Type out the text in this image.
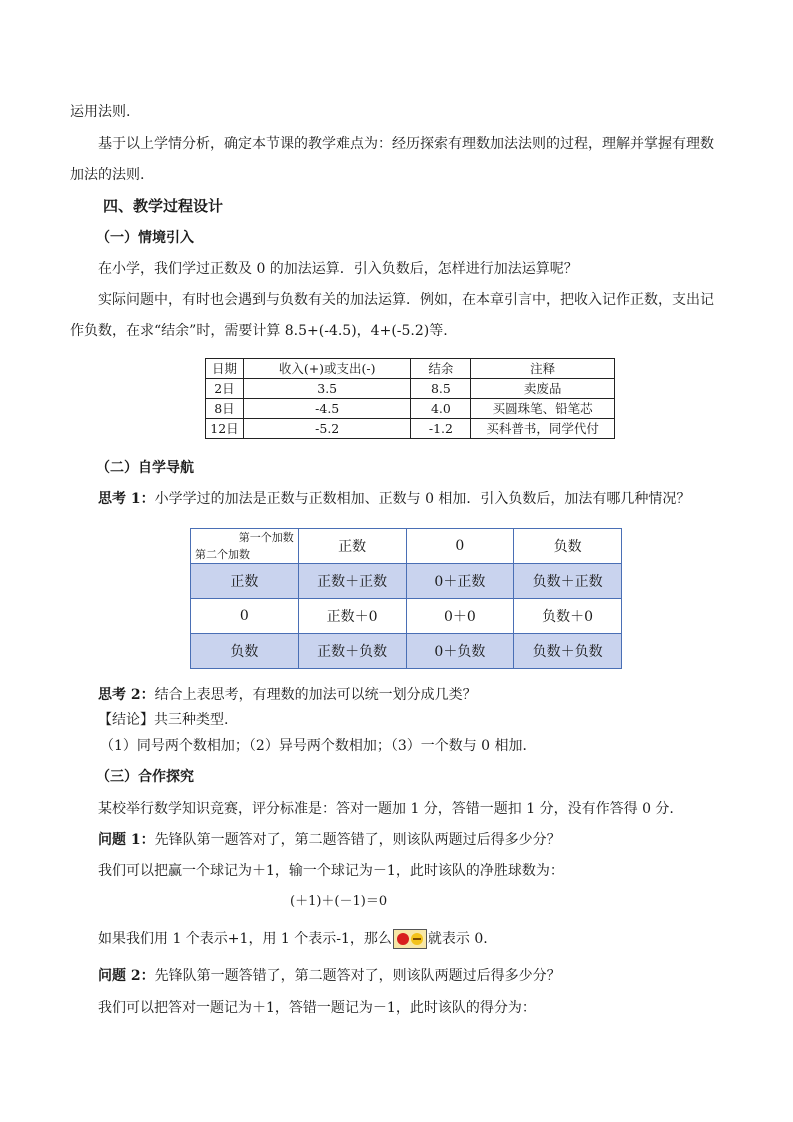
运用法则.
基于以上学情分析，确定本节课的教学难点为：经历探索有理数加法法则的过程，理解并掌握有理数
加法的法则.
四、教学过程设计
（一）情境引入
在小学，我们学过正数及 0 的加法运算．引入负数后，怎样进行加法运算呢？
实际问题中，有时也会遇到与负数有关的加法运算．例如，在本章引言中，把收入记作正数，支出记
作负数，在求“结余”时，需要计算 8.5+(-4.5)，4+(-5.2)等.
日期	收入(+)或支出(-)	结余	注释
2日	3.5	8.5	卖废品
8日	-4.5	4.0	买圆珠笔、铅笔芯
12日	-5.2	-1.2	买科普书，同学代付
（二）自学导航
思考 1：小学学过的加法是正数与正数相加、正数与 0 相加．引入负数后，加法有哪几种情况？
第一个加数
第二个加数	正数	0	负数
正数	正数＋正数	0＋正数	负数＋正数
0	正数＋0	0＋0	负数＋0
负数	正数＋负数	0＋负数	负数＋负数
思考 2：结合上表思考，有理数的加法可以统一划分成几类？
【结论】共三种类型.
（1）同号两个数相加；（2）异号两个数相加；（3）一个数与 0 相加．
（三）合作探究
某校举行数学知识竞赛，评分标准是：答对一题加 1 分，答错一题扣 1 分，没有作答得 0 分.
问题 1：先锋队第一题答对了，第二题答错了，则该队两题过后得多少分？
我们可以把赢一个球记为＋1，输一个球记为－1，此时该队的净胜球数为：
(＋1)＋(－1)＝0
如果我们用 1 个表示+1，用 1 个表示-1，那么	就表示 0.
问题 2：先锋队第一题答错了，第二题答对了，则该队两题过后得多少分？
我们可以把答对一题记为＋1，答错一题记为－1，此时该队的得分为：
